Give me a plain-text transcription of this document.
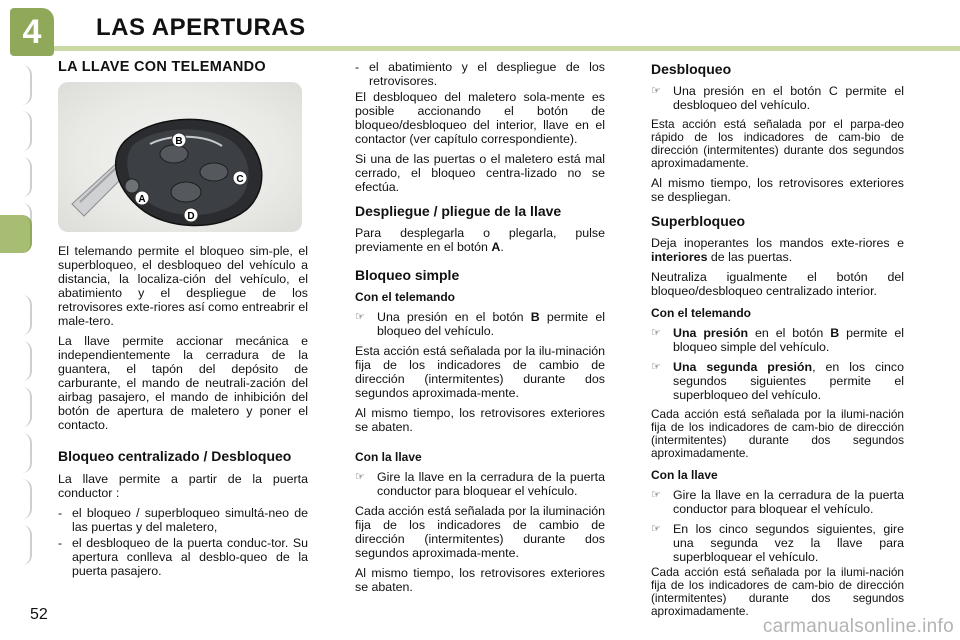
4	LAS APERTURAS
LA LLAVE CON TELEMANDO
A
B
C
D

El telemando permite el bloqueo sim-ple, el superbloqueo, el desbloqueo del vehículo a distancia, la localiza-ción del vehículo, el abatimiento y el despliegue de los retrovisores exte-riores así como entreabrir el male-tero.

La llave permite accionar mecánica e independientemente la cerradura de la guantera, el tapón del depósito de carburante, el mando de neutrali-zación del airbag pasajero, el mando de inhibición del botón de apertura de maletero y poner el contacto.

Bloqueo centralizado / Desbloqueo

La llave permite a partir de la puerta conductor :

- el bloqueo / superbloqueo simultá-neo de las puertas y del maletero,
- el desbloqueo de la puerta conduc-tor. Su apertura conlleva al desblo-queo de la puerta pasajero.
- el abatimiento y el despliegue de los retrovisores.

El desbloqueo del maletero sola-mente es posible accionando el botón de bloqueo/desbloqueo del interior, llave en el contactor (ver capítulo correspondiente).

Si una de las puertas o el maletero está mal cerrado, el bloqueo centra-lizado no se efectúa.

Despliegue / pliegue de la llave

Para desplegarla o plegarla, pulse previamente en el botón A.

Bloqueo simple
Con el telemando
☞ Una presión en el botón B permite el bloqueo del vehículo.

Esta acción está señalada por la ilu-minación fija de los indicadores de cambio de dirección (intermitentes) durante dos segundos aproximada-mente.

Al mismo tiempo, los retrovisores exteriores se abaten.

Con la llave
☞ Gire la llave en la cerradura de la puerta conductor para bloquear el vehículo.

Cada acción está señalada por la iluminación fija de los indicadores de cambio de dirección (intermitentes) durante dos segundos aproximada-mente.

Al mismo tiempo, los retrovisores exteriores se abaten.

Desbloqueo
☞ Una presión en el botón C permite el desbloqueo del vehículo.

Esta acción está señalada por el parpa-deo rápido de los indicadores de cam-bio de dirección (intermitentes) durante dos segundos aproximadamente.

Al mismo tiempo, los retrovisores exteriores se despliegan.

Superbloqueo

Deja inoperantes los mandos exte-riores e interiores de las puertas.

Neutraliza igualmente el botón del bloqueo/desbloqueo centralizado interior.

Con el telemando
☞ Una presión en el botón B permite el bloqueo simple del vehículo.
☞ Una segunda presión, en los cinco segundos siguientes permite el superbloqueo del vehículo.

Cada acción está señalada por la ilumi-nación fija de los indicadores de cam-bio de dirección (intermitentes) durante dos segundos aproximadamente.

Con la llave
☞ Gire la llave en la cerradura de la puerta conductor para bloquear el vehículo.
☞ En los cinco segundos siguientes, gire una segunda vez la llave para superbloquear el vehículo.

Cada acción está señalada por la ilumi-nación fija de los indicadores de cam-bio de dirección (intermitentes) durante dos segundos aproximadamente.

52
carmanualsonline.info
